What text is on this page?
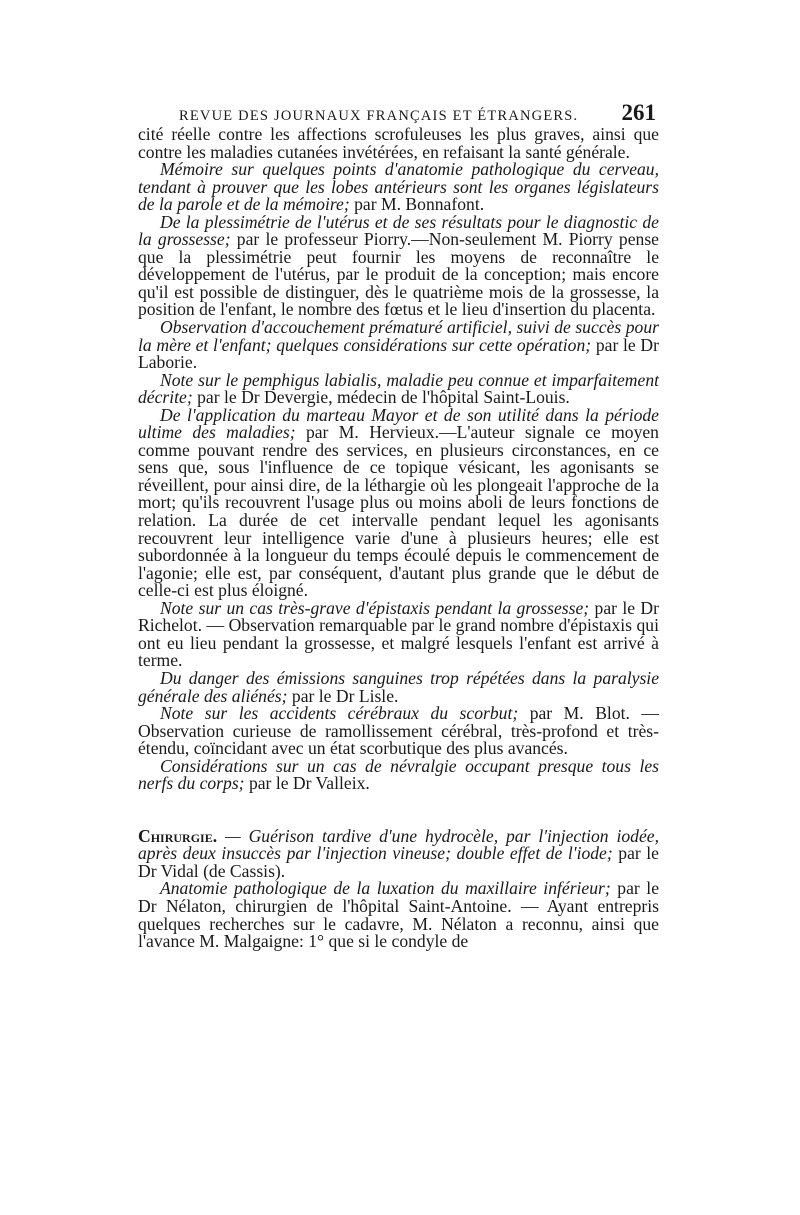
REVUE DES JOURNAUX FRANÇAIS ET ÉTRANGERS. 261

cité réelle contre les affections scrofuleuses les plus graves, ainsi que contre les maladies cutanées invétérées, en refaisant la santé générale.

Mémoire sur quelques points d'anatomie pathologique du cerveau, tendant à prouver que les lobes antérieurs sont les organes législateurs de la parole et de la mémoire; par M. Bonnafont.

De la plessimétrie de l'utérus et de ses résultats pour le diagnostic de la grossesse; par le professeur Piorry.—Non-seulement M. Piorry pense que la plessimétrie peut fournir les moyens de reconnaître le développement de l'utérus, par le produit de la conception; mais encore qu'il est possible de distinguer, dès le quatrième mois de la grossesse, la position de l'enfant, le nombre des fœtus et le lieu d'insertion du placenta.

Observation d'accouchement prématuré artificiel, suivi de succès pour la mère et l'enfant; quelques considérations sur cette opération; par le Dr Laborie.

Note sur le pemphigus labialis, maladie peu connue et imparfaitement décrite; par le Dr Devergie, médecin de l'hôpital Saint-Louis.

De l'application du marteau Mayor et de son utilité dans la période ultime des maladies; par M. Hervieux.—L'auteur signale ce moyen comme pouvant rendre des services, en plusieurs circonstances, en ce sens que, sous l'influence de ce topique vésicant, les agonisants se réveillent, pour ainsi dire, de la léthargie où les plongeait l'approche de la mort; qu'ils recouvrent l'usage plus ou moins aboli de leurs fonctions de relation. La durée de cet intervalle pendant lequel les agonisants recouvrent leur intelligence varie d'une à plusieurs heures; elle est subordonnée à la longueur du temps écoulé depuis le commencement de l'agonie; elle est, par conséquent, d'autant plus grande que le début de celle-ci est plus éloigné.

Note sur un cas très-grave d'épistaxis pendant la grossesse; par le Dr Richelot. — Observation remarquable par le grand nombre d'épistaxis qui ont eu lieu pendant la grossesse, et malgré lesquels l'enfant est arrivé à terme.

Du danger des émissions sanguines trop répétées dans la paralysie générale des aliénés; par le Dr Lisle.

Note sur les accidents cérébraux du scorbut; par M. Blot. — Observation curieuse de ramollissement cérébral, très-profond et très-étendu, coïncidant avec un état scorbutique des plus avancés.

Considérations sur un cas de névralgie occupant presque tous les nerfs du corps; par le Dr Valleix.

Chirurgie. — Guérison tardive d'une hydrocèle, par l'injection iodée, après deux insuccès par l'injection vineuse; double effet de l'iode; par le Dr Vidal (de Cassis).

Anatomie pathologique de la luxation du maxillaire inférieur; par le Dr Nélaton, chirurgien de l'hôpital Saint-Antoine. — Ayant entrepris quelques recherches sur le cadavre, M. Nélaton a reconnu, ainsi que l'avance M. Malgaigne: 1° que si le condyle de
